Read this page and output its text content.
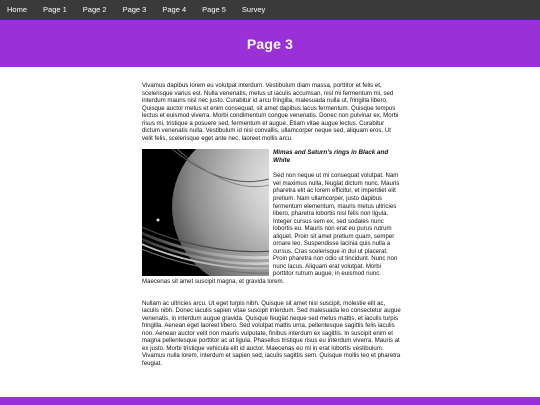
Home	Page 1	Page 2	Page 3	Page 4	Page 5	Survey
Page 3

Vivamus dapibus lorem eu volutpat interdum. Vestibulum diam massa, porttitor et felis et, scelerisque varius est. Nulla venenatis, metus ut iaculis accumsan, nisl mi fermentum mi, sed interdum mauris nisl nec justo. Curabitur id arcu fringilla, malesuada nulla ut, fringilla libero. Quisque auctor metus et enim consequat, sit amet dapibus lacus fermentum. Quisque tempus lectus et euismod viverra. Morbi condimentum congue venenatis. Donec non pulvinar ex. Morbi risus mi, tristique a posuere sed, fermentum et augue. Etiam vitae augue lectus. Curabitur dictum venenatis nulla. Vestibulum id nisl convallis, ullamcorper neque sed, aliquam eros. Ut velit felis, scelerisque eget ante nec, laoreet mollis arcu.

Mimas and Saturn's rings in Black and White

Sed non neque ut mi consequat volutpat. Nam vel maximus nulla, feugiat dictum nunc. Mauris pharetra elit ac lorem efficitur, et imperdiet elit pretium. Nam ullamcorper, justo dapibus fermentum elementum, mauris metus ultricies libero, pharetra lobortis nisl felis non ligula. Integer cursus sem ex, sed sodales nunc lobortis eu. Mauris non erat eu purus rutrum aliquet. Proin sit amet pretium quam, semper ornare leo. Suspendisse lacinia quis nulla a cursus. Cras scelerisque in dui ut placerat. Proin pharetra non odio ut tincidunt. Nunc non nunc lacus. Aliquam erat volutpat. Morbi porttitor rutrum augue, in euismod nunc. Maecenas sit amet suscipit magna, et gravida lorem.

Nullam ac ultricies arcu. Ut eget turpis nibh. Quisque sit amet nisl suscipit, molestie elit ac, iaculis nibh. Donec iaculis sapien vitae suscipit interdum. Sed malesuada leo consectetur augue venenatis, in interdum augue gravida. Quisque feugiat neque sed metus mattis, et iaculis turpis fringilla. Aenean eget laoreet libero. Sed volutpat mattis urna, pellentesque sagittis felis iaculis non. Aenean auctor velit non mauris vulputate, finibus interdum ex sagittis. In suscipit enim et magna pellentesque porttitor ac at ligula. Phasellus tristique risus eu interdum viverra. Mauris at ex justo. Morbi tristique vehicula elit id auctor. Maecenas eu mi in erat lobortis vestibulum. Vivamus nulla lorem, interdum et sapien sed, iaculis sagittis sem. Quisque mollis leo et pharetra feugiat.
